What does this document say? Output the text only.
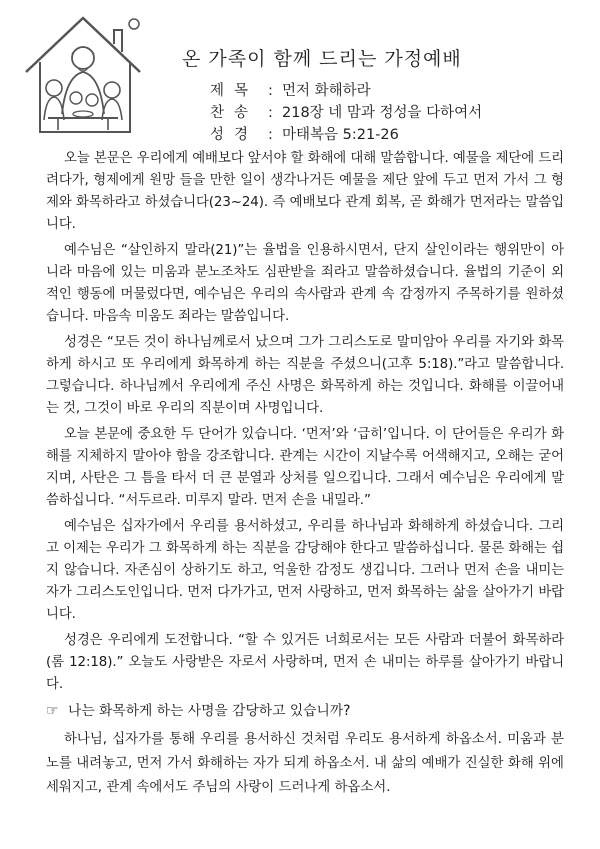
온 가족이 함께 드리는 가정예배
제목 : 먼저 화해하라
찬송 : 218장 네 맘과 정성을 다하여서
성경 : 마태복음 5:21-26

오늘 본문은 우리에게 예배보다 앞서야 할 화해에 대해 말씀합니다. 예물을 제단에 드리려다가, 형제에게 원망 들을 만한 일이 생각나거든 예물을 제단 앞에 두고 먼저 가서 그 형제와 화목하라고 하셨습니다(23~24). 즉 예배보다 관계 회복, 곧 화해가 먼저라는 말씀입니다.

예수님은 “살인하지 말라(21)”는 율법을 인용하시면서, 단지 살인이라는 행위만이 아니라 마음에 있는 미움과 분노조차도 심판받을 죄라고 말씀하셨습니다. 율법의 기준이 외적인 행동에 머물렀다면, 예수님은 우리의 속사람과 관계 속 감정까지 주목하기를 원하셨습니다. 마음속 미움도 죄라는 말씀입니다.

성경은 “모든 것이 하나님께로서 났으며 그가 그리스도로 말미암아 우리를 자기와 화목하게 하시고 또 우리에게 화목하게 하는 직분을 주셨으니(고후 5:18).”라고 말씀합니다. 그렇습니다. 하나님께서 우리에게 주신 사명은 화목하게 하는 것입니다. 화해를 이끌어내는 것, 그것이 바로 우리의 직분이며 사명입니다.

오늘 본문에 중요한 두 단어가 있습니다. ‘먼저’와 ‘급히’입니다. 이 단어들은 우리가 화해를 지체하지 말아야 함을 강조합니다. 관계는 시간이 지날수록 어색해지고, 오해는 굳어지며, 사탄은 그 틈을 타서 더 큰 분열과 상처를 일으킵니다. 그래서 예수님은 우리에게 말씀하십니다. “서두르라. 미루지 말라. 먼저 손을 내밀라.”

예수님은 십자가에서 우리를 용서하셨고, 우리를 하나님과 화해하게 하셨습니다. 그리고 이제는 우리가 그 화목하게 하는 직분을 감당해야 한다고 말씀하십니다. 물론 화해는 쉽지 않습니다. 자존심이 상하기도 하고, 억울한 감정도 생깁니다. 그러나 먼저 손을 내미는 자가 그리스도인입니다. 먼저 다가가고, 먼저 사랑하고, 먼저 화목하는 삶을 살아가기 바랍니다.

성경은 우리에게 도전합니다. “할 수 있거든 너희로서는 모든 사람과 더불어 화목하라(롬 12:18).” 오늘도 사랑받은 자로서 사랑하며, 먼저 손 내미는 하루를 살아가기 바랍니다.

☞ 나는 화목하게 하는 사명을 감당하고 있습니까?

하나님, 십자가를 통해 우리를 용서하신 것처럼 우리도 용서하게 하옵소서. 미움과 분노를 내려놓고, 먼저 가서 화해하는 자가 되게 하옵소서. 내 삶의 예배가 진실한 화해 위에 세워지고, 관계 속에서도 주님의 사랑이 드러나게 하옵소서.
